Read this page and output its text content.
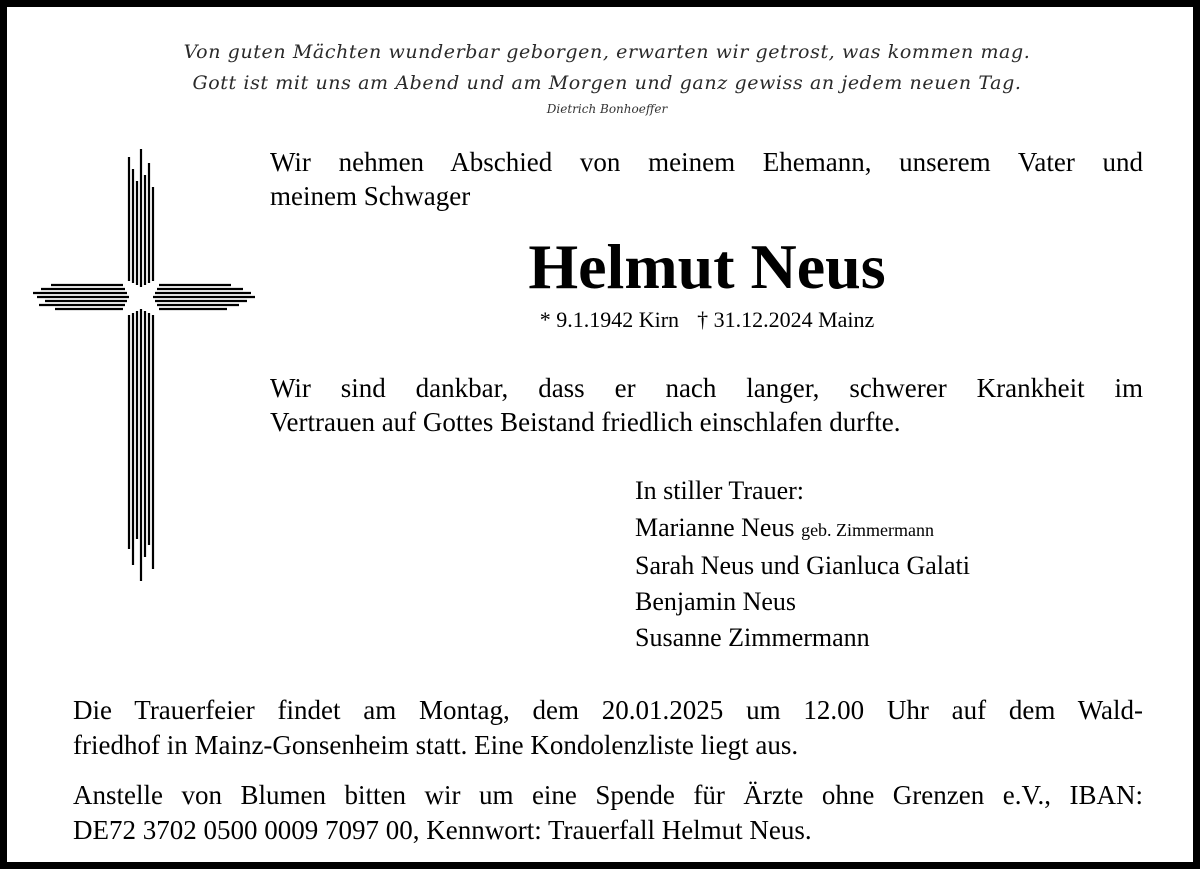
Von guten Mächten wunderbar geborgen, erwarten wir getrost, was kommen mag.
Gott ist mit uns am Abend und am Morgen und ganz gewiss an jedem neuen Tag.
Dietrich Bonhoeffer
Wir nehmen Abschied von meinem Ehemann, unserem Vater und
meinem Schwager
Helmut Neus
* 9.1.1942 Kirn † 31.12.2024 Mainz
Wir sind dankbar, dass er nach langer, schwerer Krankheit im
Vertrauen auf Gottes Beistand friedlich einschlafen durfte.
In stiller Trauer:
Marianne Neus geb. Zimmermann
Sarah Neus und Gianluca Galati
Benjamin Neus
Susanne Zimmermann
Die Trauerfeier findet am Montag, dem 20.01.2025 um 12.00 Uhr auf dem Wald-
friedhof in Mainz-Gonsenheim statt. Eine Kondolenzliste liegt aus.
Anstelle von Blumen bitten wir um eine Spende für Ärzte ohne Grenzen e.V., IBAN:
DE72 3702 0500 0009 7097 00, Kennwort: Trauerfall Helmut Neus.
